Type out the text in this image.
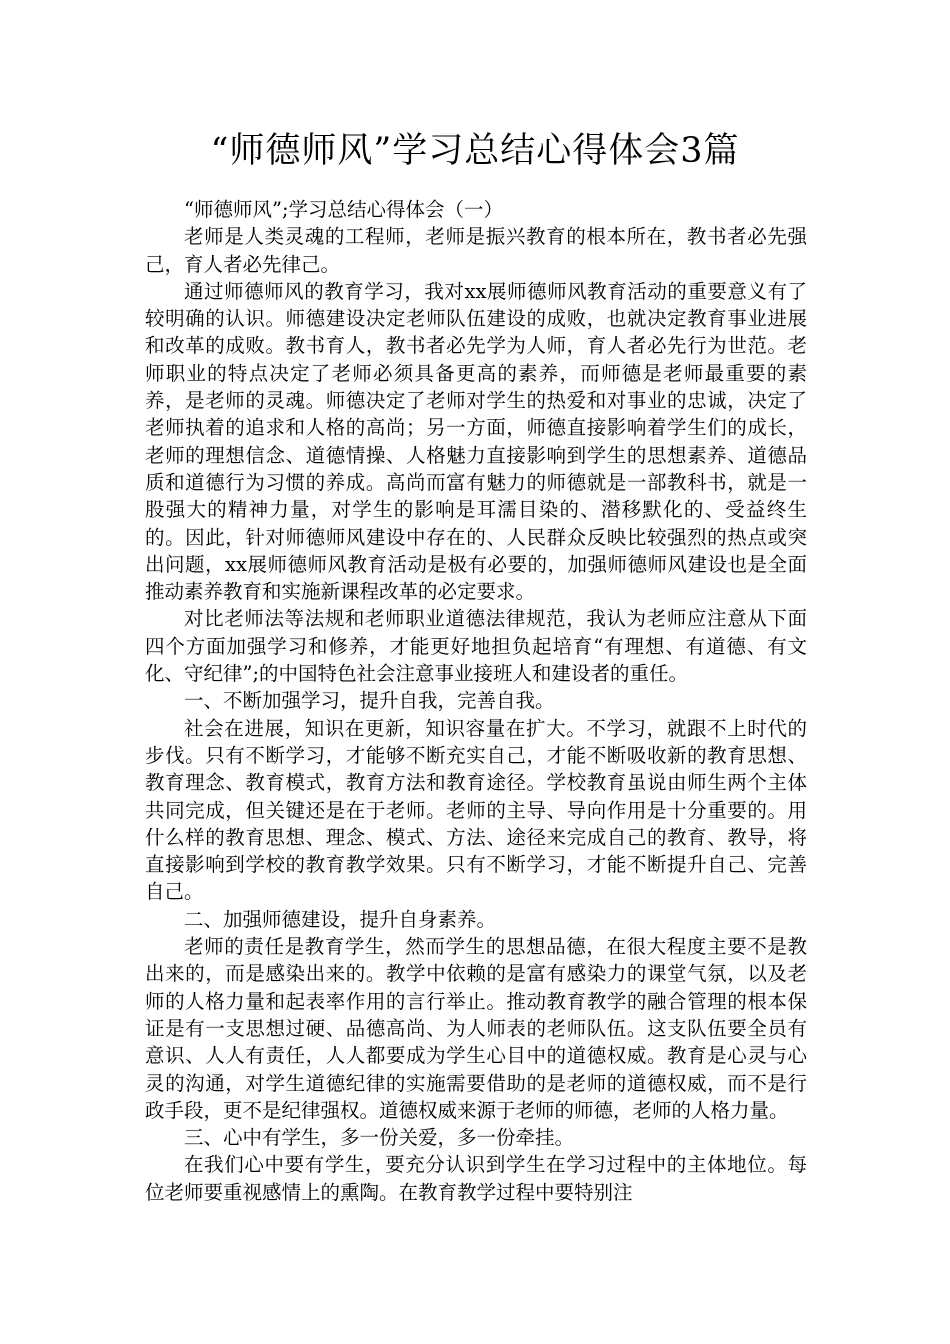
“师德师风”学习总结心得体会3篇

“师德师风”;学习总结心得体会（一）

老师是人类灵魂的工程师，老师是振兴教育的根本所在，教书者必先强己，育人者必先律己。

通过师德师风的教育学习，我对xx展师德师风教育活动的重要意义有了较明确的认识。师德建设决定老师队伍建设的成败，也就决定教育事业进展和改革的成败。教书育人，教书者必先学为人师，育人者必先行为世范。老师职业的特点决定了老师必须具备更高的素养，而师德是老师最重要的素养，是老师的灵魂。师德决定了老师对学生的热爱和对事业的忠诚，决定了老师执着的追求和人格的高尚；另一方面，师德直接影响着学生们的成长，老师的理想信念、道德情操、人格魅力直接影响到学生的思想素养、道德品质和道德行为习惯的养成。高尚而富有魅力的师德就是一部教科书，就是一股强大的精神力量，对学生的影响是耳濡目染的、潜移默化的、受益终生的。因此，针对师德师风建设中存在的、人民群众反映比较强烈的热点或突出问题，xx展师德师风教育活动是极有必要的，加强师德师风建设也是全面推动素养教育和实施新课程改革的必定要求。

对比老师法等法规和老师职业道德法律规范，我认为老师应注意从下面四个方面加强学习和修养，才能更好地担负起培育“有理想、有道德、有文化、守纪律”;的中国特色社会注意事业接班人和建设者的重任。

一、不断加强学习，提升自我，完善自我。

社会在进展，知识在更新，知识容量在扩大。不学习，就跟不上时代的步伐。只有不断学习，才能够不断充实自己，才能不断吸收新的教育思想、教育理念、教育模式，教育方法和教育途径。学校教育虽说由师生两个主体共同完成，但关键还是在于老师。老师的主导、导向作用是十分重要的。用什么样的教育思想、理念、模式、方法、途径来完成自己的教育、教导，将直接影响到学校的教育教学效果。只有不断学习，才能不断提升自己、完善自己。

二、加强师德建设，提升自身素养。

老师的责任是教育学生，然而学生的思想品德，在很大程度主要不是教出来的，而是感染出来的。教学中依赖的是富有感染力的课堂气氛，以及老师的人格力量和起表率作用的言行举止。推动教育教学的融合管理的根本保证是有一支思想过硬、品德高尚、为人师表的老师队伍。这支队伍要全员有意识、人人有责任，人人都要成为学生心目中的道德权威。教育是心灵与心灵的沟通，对学生道德纪律的实施需要借助的是老师的道德权威，而不是行政手段，更不是纪律强权。道德权威来源于老师的师德，老师的人格力量。

三、心中有学生，多一份关爱，多一份牵挂。

在我们心中要有学生，要充分认识到学生在学习过程中的主体地位。每位老师要重视感情上的熏陶。在教育教学过程中要特别注
